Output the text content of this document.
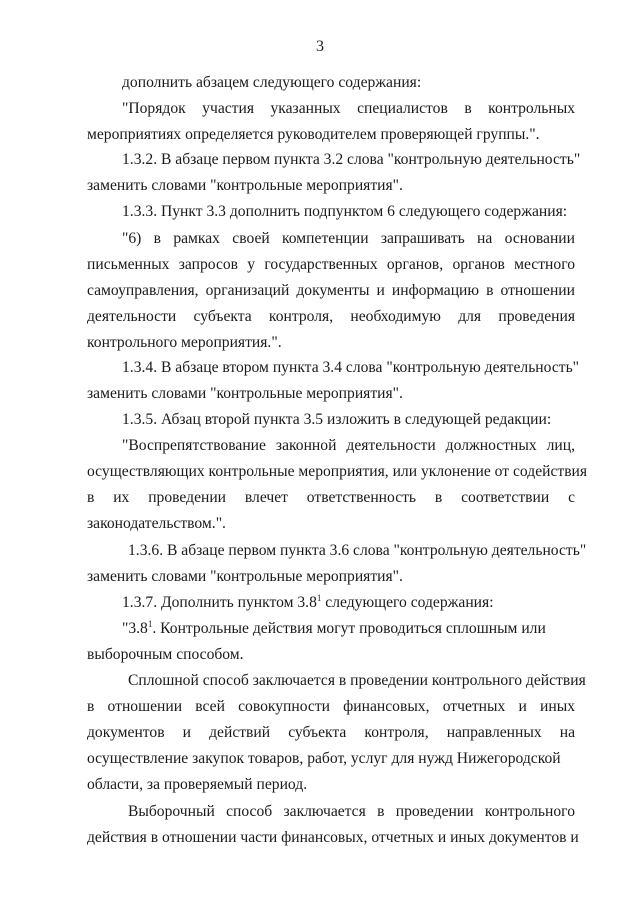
3
дополнить абзацем следующего содержания:
"Порядок участия указанных специалистов в контрольных
мероприятиях определяется руководителем проверяющей группы.".
1.3.2. В абзаце первом пункта 3.2 слова "контрольную деятельность"
заменить словами "контрольные мероприятия".
1.3.3. Пункт 3.3 дополнить подпунктом 6 следующего содержания:
"6) в рамках своей компетенции запрашивать на основании
письменных запросов у государственных органов, органов местного
самоуправления, организаций документы и информацию в отношении
деятельности субъекта контроля, необходимую для проведения
контрольного мероприятия.".
1.3.4. В абзаце втором пункта 3.4 слова "контрольную деятельность"
заменить словами "контрольные мероприятия".
1.3.5. Абзац второй пункта 3.5 изложить в следующей редакции:
"Воспрепятствование законной деятельности должностных лиц,
осуществляющих контрольные мероприятия, или уклонение от содействия
в их проведении влечет ответственность в соответствии с
законодательством.".
1.3.6. В абзаце первом пункта 3.6 слова "контрольную деятельность"
заменить словами "контрольные мероприятия".
1.3.7. Дополнить пунктом $3.8^1$ следующего содержания:
"$3.8^1$. Контрольные действия могут проводиться сплошным или
выборочным способом.
Сплошной способ заключается в проведении контрольного действия
в отношении всей совокупности финансовых, отчетных и иных
документов и действий субъекта контроля, направленных на
осуществление закупок товаров, работ, услуг для нужд Нижегородской
области, за проверяемый период.
Выборочный способ заключается в проведении контрольного
действия в отношении части финансовых, отчетных и иных документов и
